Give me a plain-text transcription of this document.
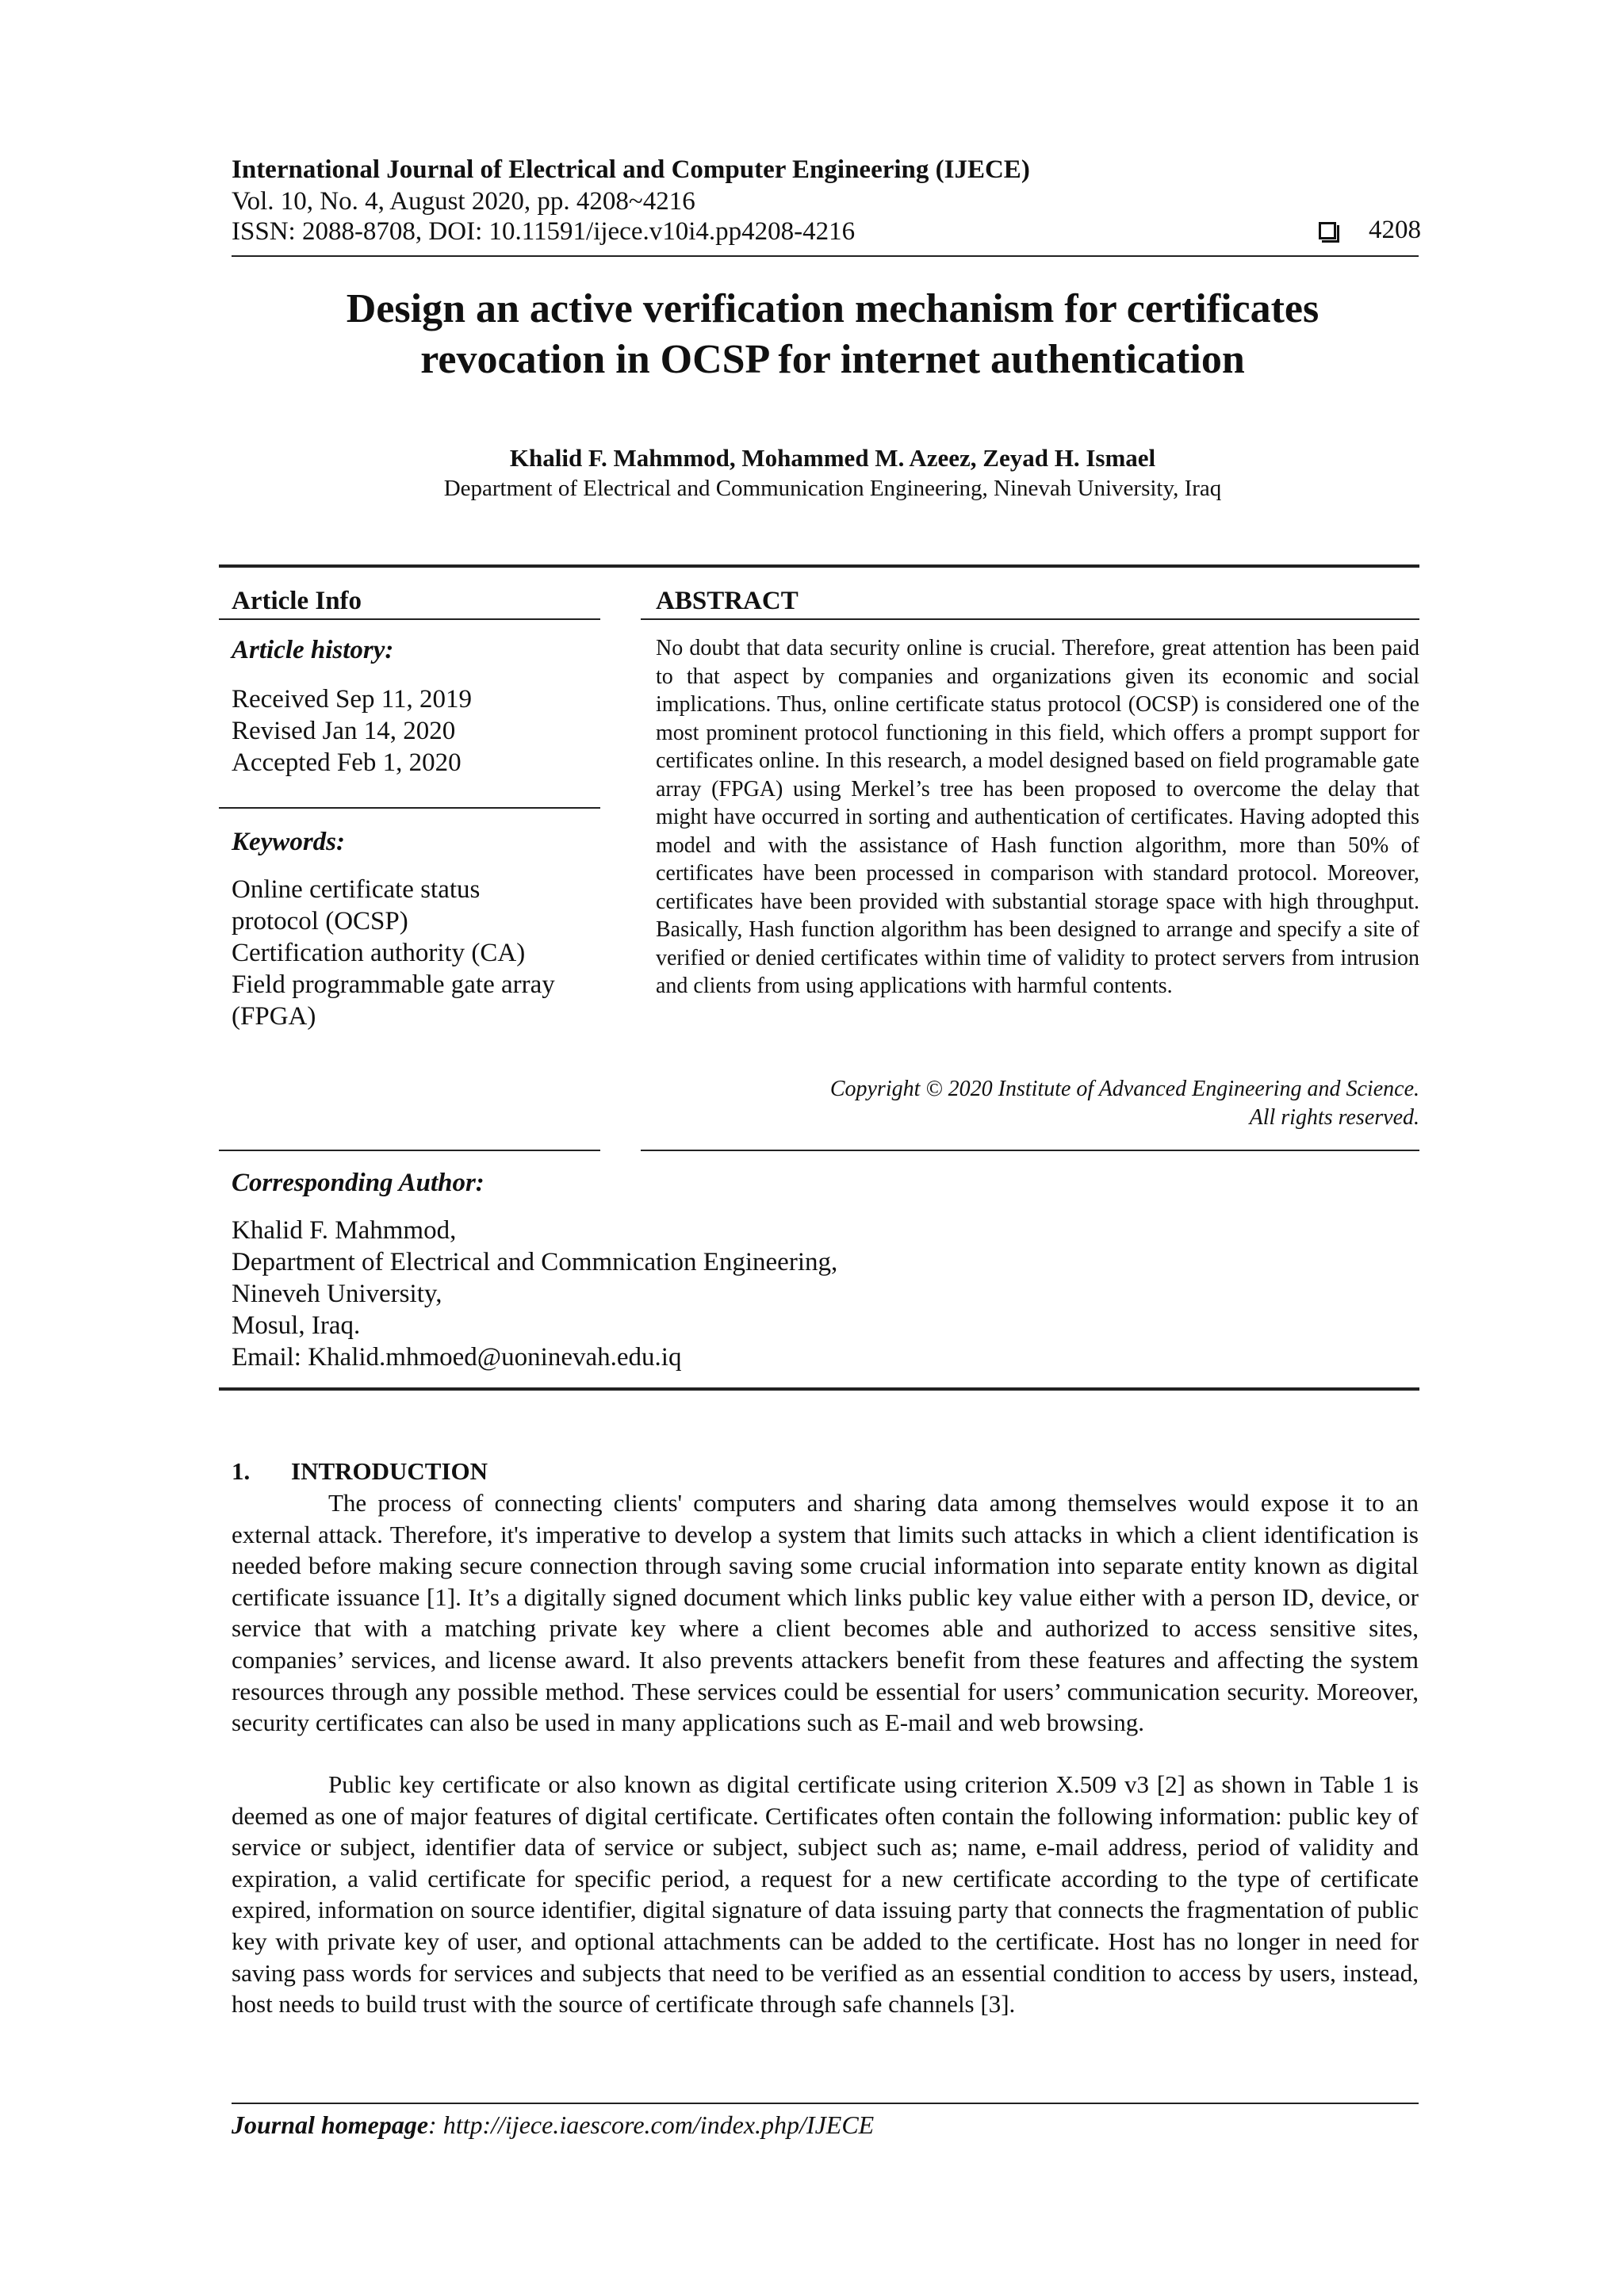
International Journal of Electrical and Computer Engineering (IJECE)
Vol. 10, No. 4, August 2020, pp. 4208~4216
ISSN: 2088-8708, DOI: 10.11591/ijece.v10i4.pp4208-4216	4208
Design an active verification mechanism for certificates
revocation in OCSP for internet authentication
Khalid F. Mahmmod, Mohammed M. Azeez, Zeyad H. Ismael
Department of Electrical and Communication Engineering, Ninevah University, Iraq
Article Info
Article history:
Received Sep 11, 2019
Revised Jan 14, 2020
Accepted Feb 1, 2020
Keywords:
Online certificate status
protocol (OCSP)
Certification authority (CA)
Field programmable gate array
(FPGA)
ABSTRACT
No doubt that data security online is crucial. Therefore, great attention has been paid to that aspect by companies and organizations given its economic and social implications. Thus, online certificate status protocol (OCSP) is considered one of the most prominent protocol functioning in this field, which offers a prompt support for certificates online. In this research, a model designed based on field programable gate array (FPGA) using Merkel’s tree has been proposed to overcome the delay that might have occurred in sorting and authentication of certificates. Having adopted this model and with the assistance of Hash function algorithm, more than 50% of certificates have been processed in comparison with standard protocol. Moreover, certificates have been provided with substantial storage space with high throughput. Basically, Hash function algorithm has been designed to arrange and specify a site of verified or denied certificates within time of validity to protect servers from intrusion and clients from using applications with harmful contents.
Copyright © 2020 Institute of Advanced Engineering and Science.
All rights reserved.
Corresponding Author:
Khalid F. Mahmmod,
Department of Electrical and Commnication Engineering,
Nineveh University,
Mosul, Iraq.
Email: Khalid.mhmoed@uoninevah.edu.iq
1. INTRODUCTION
The process of connecting clients' computers and sharing data among themselves would expose it to an external attack. Therefore, it's imperative to develop a system that limits such attacks in which a client identification is needed before making secure connection through saving some crucial information into separate entity known as digital certificate issuance [1]. It’s a digitally signed document which links public key value either with a person ID, device, or service that with a matching private key where a client becomes able and authorized to access sensitive sites, companies’ services, and license award. It also prevents attackers benefit from these features and affecting the system resources through any possible method. These services could be essential for users’ communication security. Moreover, security certificates can also be used in many applications such as E-mail and web browsing.
Public key certificate or also known as digital certificate using criterion X.509 v3 [2] as shown in Table 1 is deemed as one of major features of digital certificate. Certificates often contain the following information: public key of service or subject, identifier data of service or subject, subject such as; name, e-mail address, period of validity and expiration, a valid certificate for specific period, a request for a new certificate according to the type of certificate expired, information on source identifier, digital signature of data issuing party that connects the fragmentation of public key with private key of user, and optional attachments can be added to the certificate. Host has no longer in need for saving pass words for services and subjects that need to be verified as an essential condition to access by users, instead, host needs to build trust with the source of certificate through safe channels [3].
Journal homepage: http://ijece.iaescore.com/index.php/IJECE
